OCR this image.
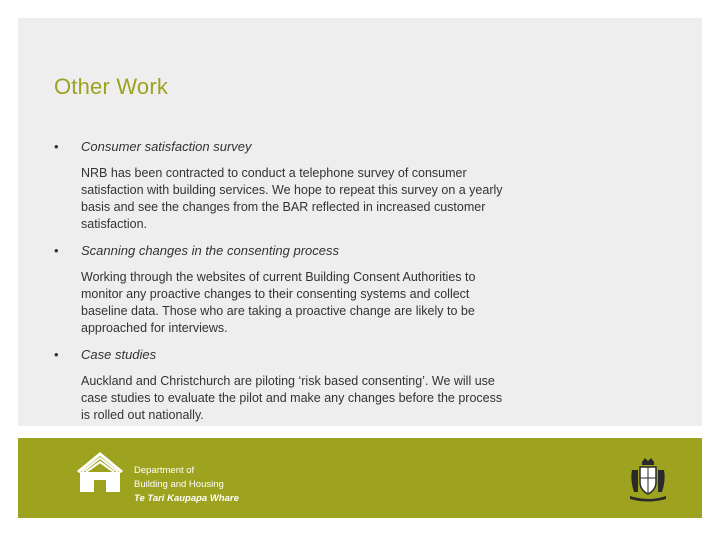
Other Work
• Consumer satisfaction survey
NRB has been contracted to conduct a telephone survey of consumer satisfaction with building services. We hope to repeat this survey on a yearly basis and see the changes from the BAR reflected in increased customer satisfaction.
• Scanning changes in the consenting process
Working through the websites of current Building Consent Authorities to monitor any proactive changes to their consenting systems and collect baseline data. Those who are taking a proactive change are likely to be approached for interviews.
• Case studies
Auckland and Christchurch are piloting ‘risk based consenting’. We will use case studies to evaluate the pilot and make any changes before the process is rolled out nationally.
Department of
Building and Housing
Te Tari Kaupapa Whare
